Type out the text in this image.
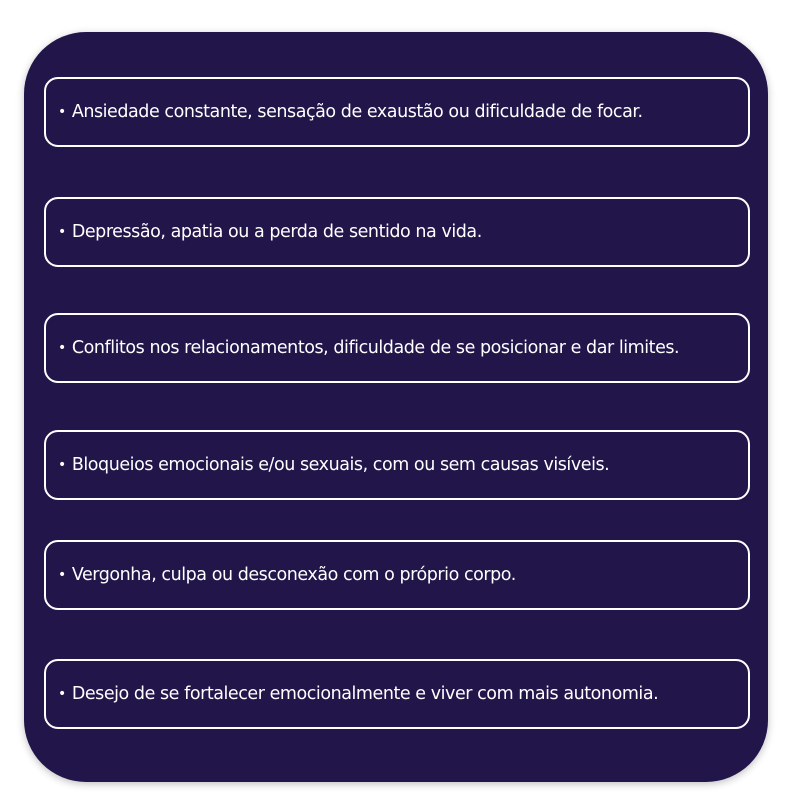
• Ansiedade constante, sensação de exaustão ou dificuldade de focar.
• Depressão, apatia ou a perda de sentido na vida.
• Conflitos nos relacionamentos, dificuldade de se posicionar e dar limites.
• Bloqueios emocionais e/ou sexuais, com ou sem causas visíveis.
• Vergonha, culpa ou desconexão com o próprio corpo.
• Desejo de se fortalecer emocionalmente e viver com mais autonomia.
